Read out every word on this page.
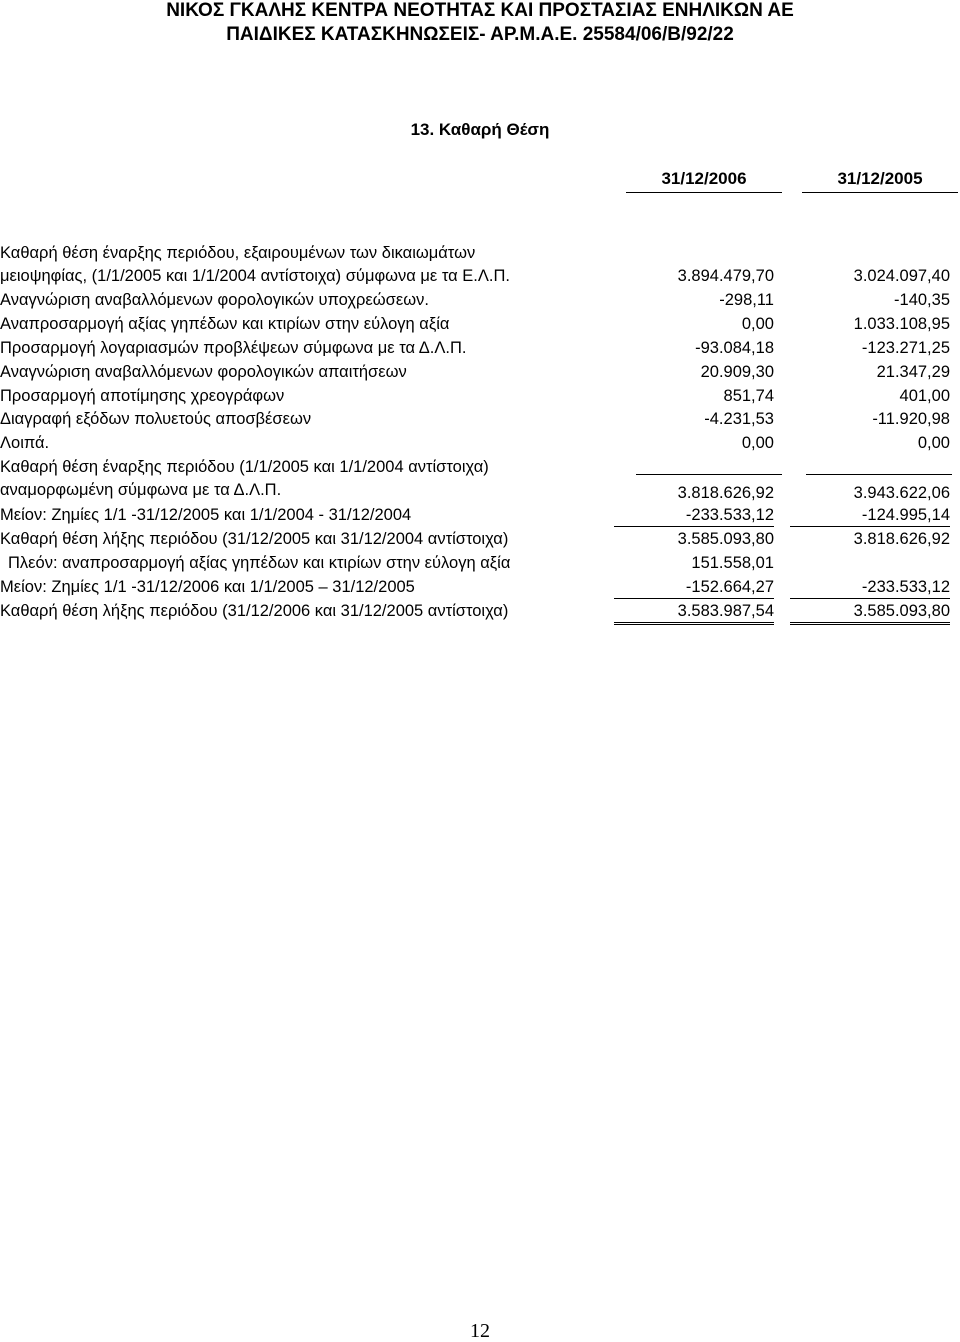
ΝΙΚΟΣ ΓΚΑΛΗΣ ΚΕΝΤΡΑ ΝΕΟΤΗΤΑΣ ΚΑΙ ΠΡΟΣΤΑΣΙΑΣ ΕΝΗΛΙΚΩΝ ΑΕ
ΠΑΙΔΙΚΕΣ ΚΑΤΑΣΚΗΝΩΣΕΙΣ- ΑΡ.Μ.Α.Ε. 25584/06/Β/92/22
13. Καθαρή Θέση
31/12/2006	31/12/2005
Καθαρή θέση έναρξης περιόδου, εξαιρουμένων των δικαιωμάτων
μειοψηφίας, (1/1/2005 και 1/1/2004 αντίστοιχα) σύμφωνα με τα Ε.Λ.Π.	3.894.479,70	3.024.097,40
Αναγνώριση αναβαλλόμενων φορολογικών υποχρεώσεων.	-298,11	-140,35
Αναπροσαρμογή αξίας γηπέδων και κτιρίων στην εύλογη αξία	0,00	1.033.108,95
Προσαρμογή λογαριασμών προβλέψεων σύμφωνα με τα Δ.Λ.Π.	-93.084,18	-123.271,25
Αναγνώριση αναβαλλόμενων φορολογικών απαιτήσεων	20.909,30	21.347,29
Προσαρμογή αποτίμησης χρεογράφων	851,74	401,00
Διαγραφή εξόδων πολυετούς αποσβέσεων	-4.231,53	-11.920,98
Λοιπά.	0,00	0,00
Καθαρή θέση έναρξης περιόδου (1/1/2005 και 1/1/2004 αντίστοιχα)
αναμορφωμένη σύμφωνα με τα Δ.Λ.Π.	3.818.626,92	3.943.622,06
Μείον: Ζημίες 1/1 -31/12/2005 και 1/1/2004 - 31/12/2004	-233.533,12	-124.995,14
Καθαρή θέση λήξης περιόδου (31/12/2005 και 31/12/2004 αντίστοιχα)	3.585.093,80	3.818.626,92
Πλεόν: αναπροσαρμογή αξίας γηπέδων και κτιρίων στην εύλογη αξία	151.558,01
Μείον: Ζημίες 1/1 -31/12/2006 και 1/1/2005 – 31/12/2005	-152.664,27	-233.533,12
Καθαρή θέση λήξης περιόδου (31/12/2006 και 31/12/2005 αντίστοιχα)	3.583.987,54	3.585.093,80
12
